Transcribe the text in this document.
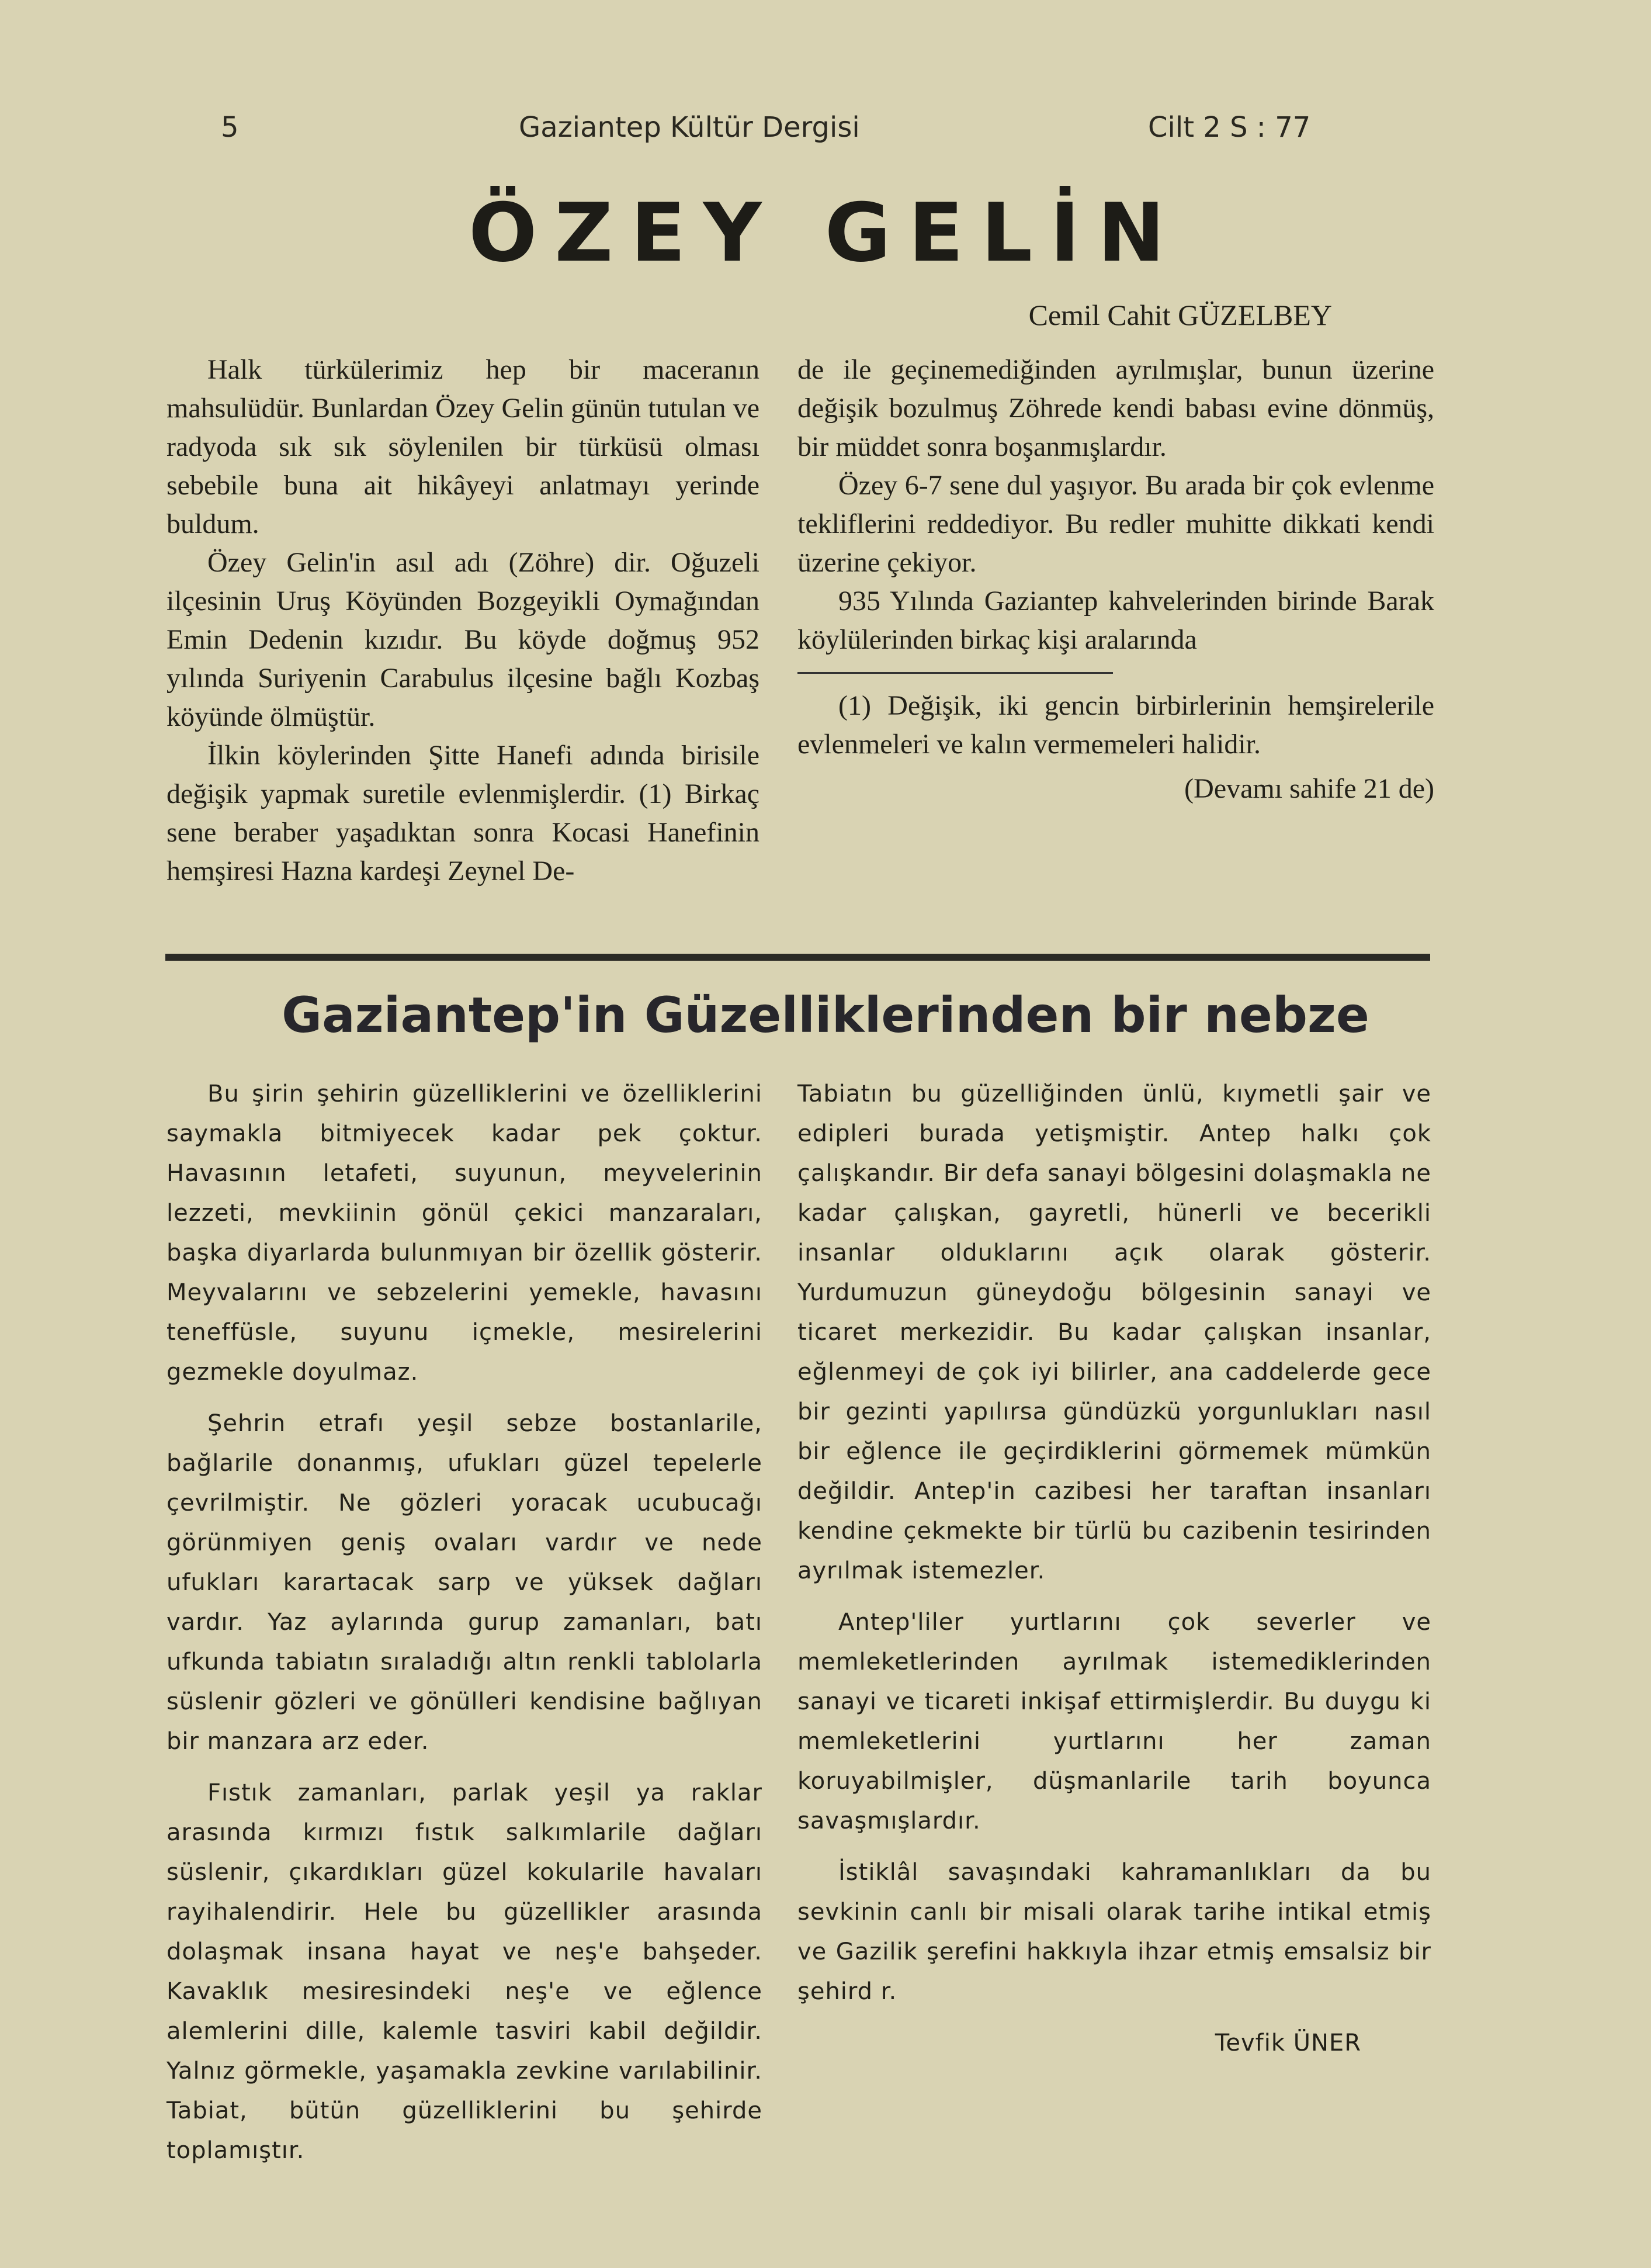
5	Gaziantep Kültür Dergisi	Cilt 2 S : 77
ÖZEY GELİN
Cemil Cahit GÜZELBEY

Halk türkülerimiz hep bir maceranın mahsulüdür. Bunlardan Özey Gelin günün tutulan ve radyoda sık sık söylenilen bir türküsü olması sebebile buna ait hikâyeyi anlatmayı yerinde buldum.

Özey Gelin'in asıl adı (Zöhre) dir. Oğuzeli ilçesinin Uruş Köyünden Bozgeyikli Oymağından Emin Dedenin kızıdır. Bu köyde doğmuş 952 yılında Suriyenin Carabulus ilçesine bağlı Kozbaş köyünde ölmüştür.

İlkin köylerinden Şitte Hanefi adında birisile değişik yapmak suretile evlenmişlerdir. (1) Birkaç sene beraber yaşadıktan sonra Kocasi Hanefinin hemşiresi Hazna kardeşi Zeynel De-

de ile geçinemediğinden ayrılmışlar, bunun üzerine değişik bozulmuş Zöhrede kendi babası evine dönmüş, bir müddet sonra boşanmışlardır.

Özey 6-7 sene dul yaşıyor. Bu arada bir çok evlenme tekliflerini reddediyor. Bu redler muhitte dikkati kendi üzerine çekiyor.

935 Yılında Gaziantep kahvelerinden birinde Barak köylülerinden birkaç kişi aralarında

(1) Değişik, iki gencin birbirlerinin hemşirelerile evlenmeleri ve kalın vermemeleri halidir.

(Devamı sahife 21 de)
Gaziantep'in Güzelliklerinden bir nebze

Bu şirin şehirin güzelliklerini ve özelliklerini saymakla bitmiyecek kadar pek çoktur. Havasının letafeti, suyunun, meyvelerinin lezzeti, mevkiinin gönül çekici manzaraları, başka diyarlarda bulunmıyan bir özellik gösterir. Meyvalarını ve sebzelerini yemekle, havasını teneffüsle, suyunu içmekle, mesirelerini gezmekle doyulmaz.

Şehrin etrafı yeşil sebze bostanlarile, bağlarile donanmış, ufukları güzel tepelerle çevrilmiştir. Ne gözleri yoracak ucubucağı görünmiyen geniş ovaları vardır ve nede ufukları karartacak sarp ve yüksek dağları vardır. Yaz aylarında gurup zamanları, batı ufkunda tabiatın sıraladığı altın renkli tablolarla süslenir gözleri ve gönülleri kendisine bağlıyan bir manzara arz eder.

Fıstık zamanları, parlak yeşil ya raklar arasında kırmızı fıstık salkımlarile dağları süslenir, çıkardıkları güzel kokularile havaları rayihalendirir. Hele bu güzellikler arasında dolaşmak insana hayat ve neş'e bahşeder. Kavaklık mesiresindeki neş'e ve eğlence alemlerini dille, kalemle tasviri kabil değildir. Yalnız görmekle, yaşamakla zevkine varılabilinir. Tabiat, bütün güzelliklerini bu şehirde toplamıştır.

Tabiatın bu güzelliğinden ünlü, kıymetli şair ve edipleri burada yetişmiştir. Antep halkı çok çalışkandır. Bir defa sanayi bölgesini dolaşmakla ne kadar çalışkan, gayretli, hünerli ve becerikli insanlar olduklarını açık olarak gösterir. Yurdumuzun güneydoğu bölgesinin sanayi ve ticaret merkezidir. Bu kadar çalışkan insanlar, eğlenmeyi de çok iyi bilirler, ana caddelerde gece bir gezinti yapılırsa gündüzkü yorgunlukları nasıl bir eğlence ile geçirdiklerini görmemek mümkün değildir. Antep'in cazibesi her taraftan insanları kendine çekmekte bir türlü bu cazibenin tesirinden ayrılmak istemezler.

Antep'liler yurtlarını çok severler ve memleketlerinden ayrılmak istemediklerinden sanayi ve ticareti inkişaf ettirmişlerdir. Bu duygu ki memleketlerini yurtlarını her zaman koruyabilmişler, düşmanlarile tarih boyunca savaşmışlardır.

İstiklâl savaşındaki kahramanlıkları da bu sevkinin canlı bir misali olarak tarihe intikal etmiş ve Gazilik şerefini hakkıyla ihzar etmiş emsalsiz bir şehird r.

Tevfik ÜNER
